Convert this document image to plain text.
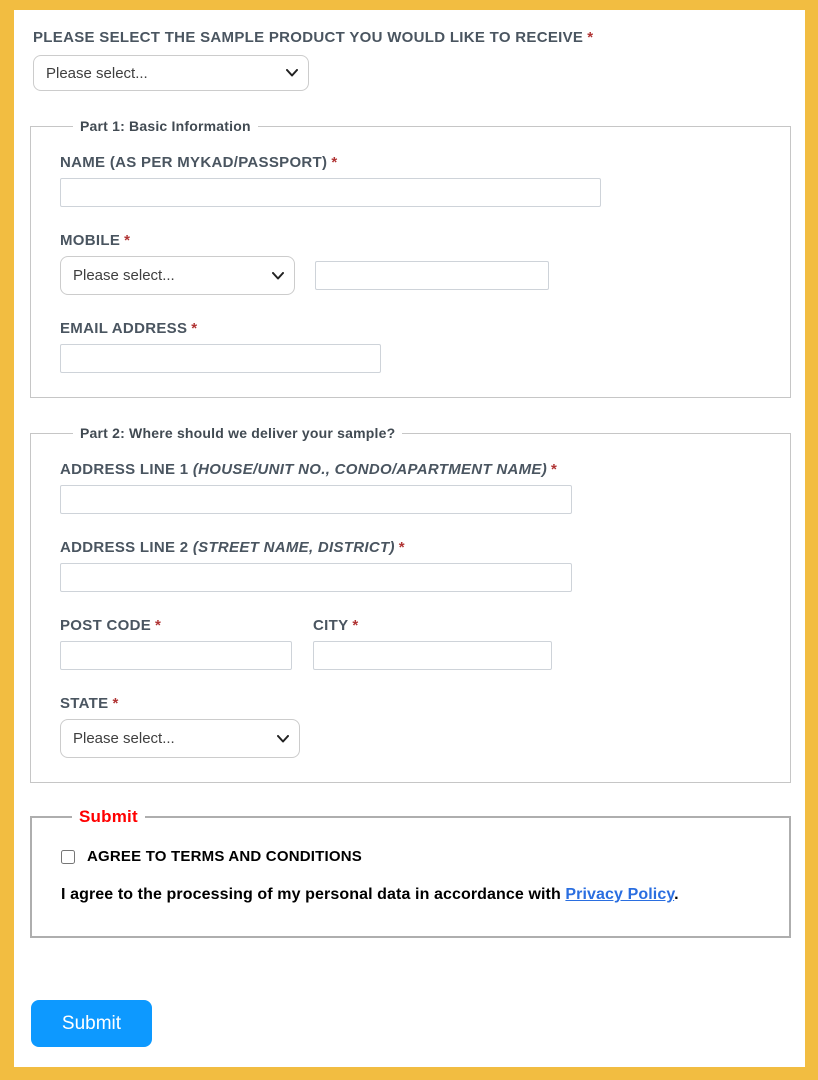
PLEASE SELECT THE SAMPLE PRODUCT YOU WOULD LIKE TO RECEIVE *
Please select...
Part 1: Basic Information
NAME (AS PER MYKAD/PASSPORT) *
MOBILE *
Please select...
EMAIL ADDRESS *
Part 2: Where should we deliver your sample?
ADDRESS LINE 1 (HOUSE/UNIT NO., CONDO/APARTMENT NAME) *
ADDRESS LINE 2 (STREET NAME, DISTRICT) *
POST CODE *	CITY *
STATE *
Please select...
Submit
AGREE TO TERMS AND CONDITIONS

I agree to the processing of my personal data in accordance with Privacy Policy.

Submit
